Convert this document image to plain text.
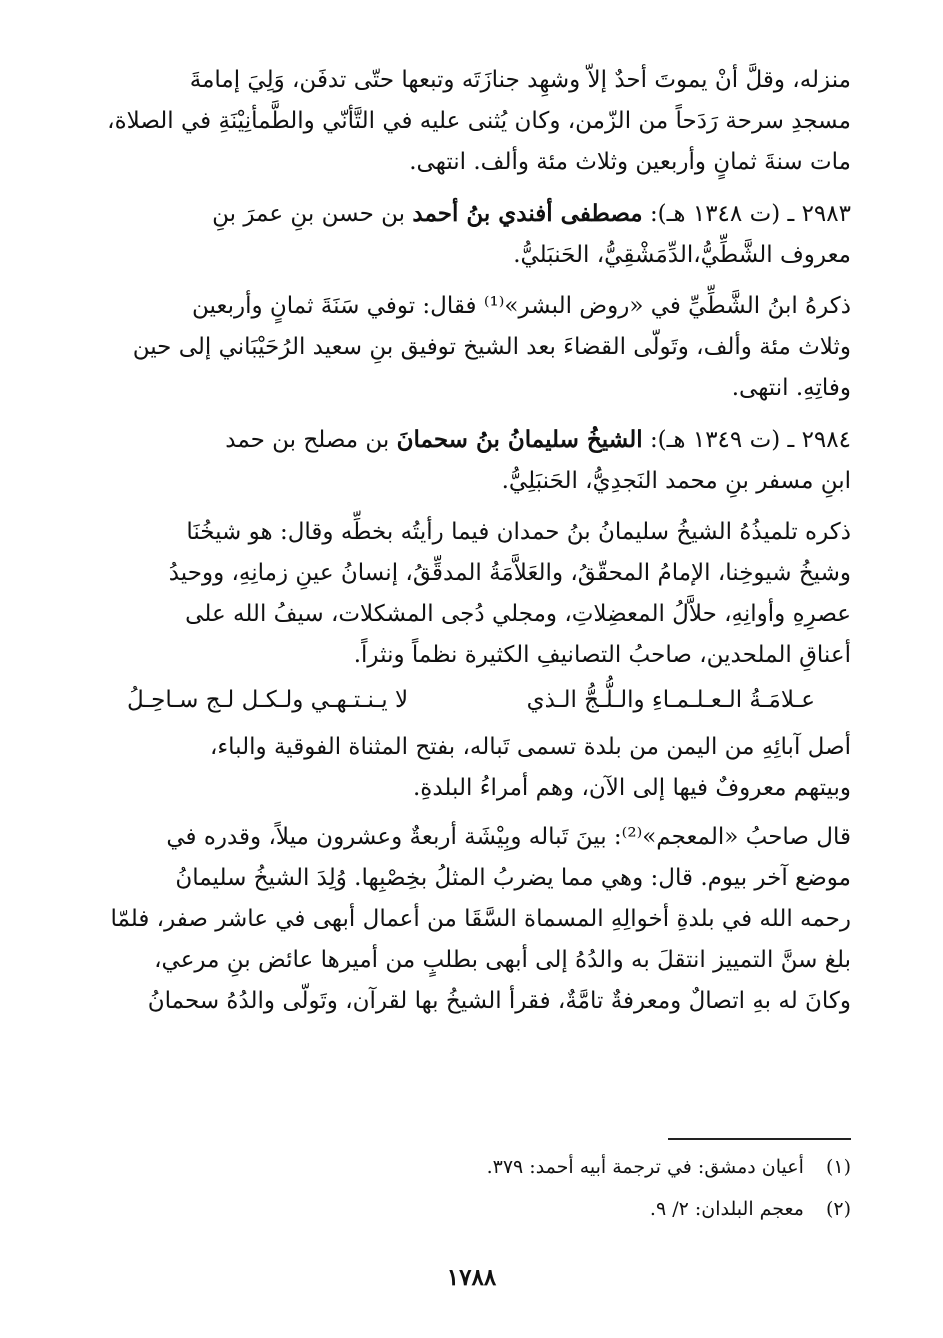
منزله، وقلَّ أنْ يموتَ أحدٌ إلاّ وشهِد جنازَتَه وتبعها حتّى تدفَن، وَلِيَ إمامةَ
مسجدِ سرحة رَدَحاً من الزّمن، وكان يُثنى عليه في التَّأنّي والطَّمأنِيْنَةِ في الصلاة،
مات سنةَ ثمانٍ وأربعين وثلاث مئة وألف. انتهى.

٢٩٨٣ ـ (ت ١٣٤٨ هـ): مصطفى أفندي بنُ أحمد بن حسن بنِ عمرَ بنِ
معروف الشَّطِّيُّ،الدِّمَشْقِيُّ، الحَنبَليُّ.

ذكرهُ ابنُ الشَّطِّيِّ في «روض البشر»⁽¹⁾ فقال: توفي سَنَةَ ثمانٍ وأربعين
وثلاث مئة وألف، وتَولّى القضاءَ بعد الشيخ توفيق بنِ سعيد الرُحَيْبَاني إلى حين
وفاتِهِ. انتهى.

٢٩٨٤ ـ (ت ١٣٤٩ هـ): الشيخُ سليمانُ بنُ سحمانَ بن مصلح بن حمد
ابنِ مسفر بنِ محمد النَجدِيُّ، الحَنبَلِيُّ.

ذكره تلميذُهُ الشيخُ سليمانُ بنُ حمدان فيما رأيتُه بخطِّه وقال: هو شيخُنَا
وشيخُ شيوخِنا، الإمامُ المحقّقُ، والعَلاَّمَةُ المدقِّقُ، إنسانُ عينِ زمانِهِ، ووحيدُ
عصرِهِ وأوانِهِ، حلاَّلُ المعضِلاتِ، ومجلي دُجى المشكلات، سيفُ الله على
أعناقِ الملحدين، صاحبُ التصانيفِ الكثيرة نظماً ونثراً.

عـلامَـةُ الـعـلـمـاءِ والـلُّـجُّ الـذي
لا يـنـتـهـي ولـكـل لـج سـاحِـلُ

أصل آبائِهِ من اليمن من بلدة تسمى تَباله، بفتح المثناة الفوقية والباء،
وبيتهم معروفٌ فيها إلى الآن، وهم أمراءُ البلدةِ.

قال صاحبُ «المعجم»⁽²⁾: بينَ تَباله وبِيْشَة أربعةٌ وعشرون ميلاً، وقدره في
موضع آخر بيوم. قال: وهي مما يضربُ المثلُ بخِصْبِها. وُلِدَ الشيخُ سليمانُ
رحمه الله في بلدةِ أخوالِهِ المسماة السَّقَا من أعمال أبهى في عاشر صفر، فلمّا
بلغ سنَّ التمييز انتقلَ به والدُهُ إلى أبهى بطلبٍ من أميرها عائض بنِ مرعي،
وكانَ له بهِ اتصالٌ ومعرفةٌ تامَّةٌ، فقرأ الشيخُ بها لقرآن، وتَولّى والدُهُ سحمانُ

(١) أعيان دمشق: في ترجمة أبيه أحمد: ٣٧٩.

(٢) معجم البلدان: ٢/ ٩.

١٧٨٨
